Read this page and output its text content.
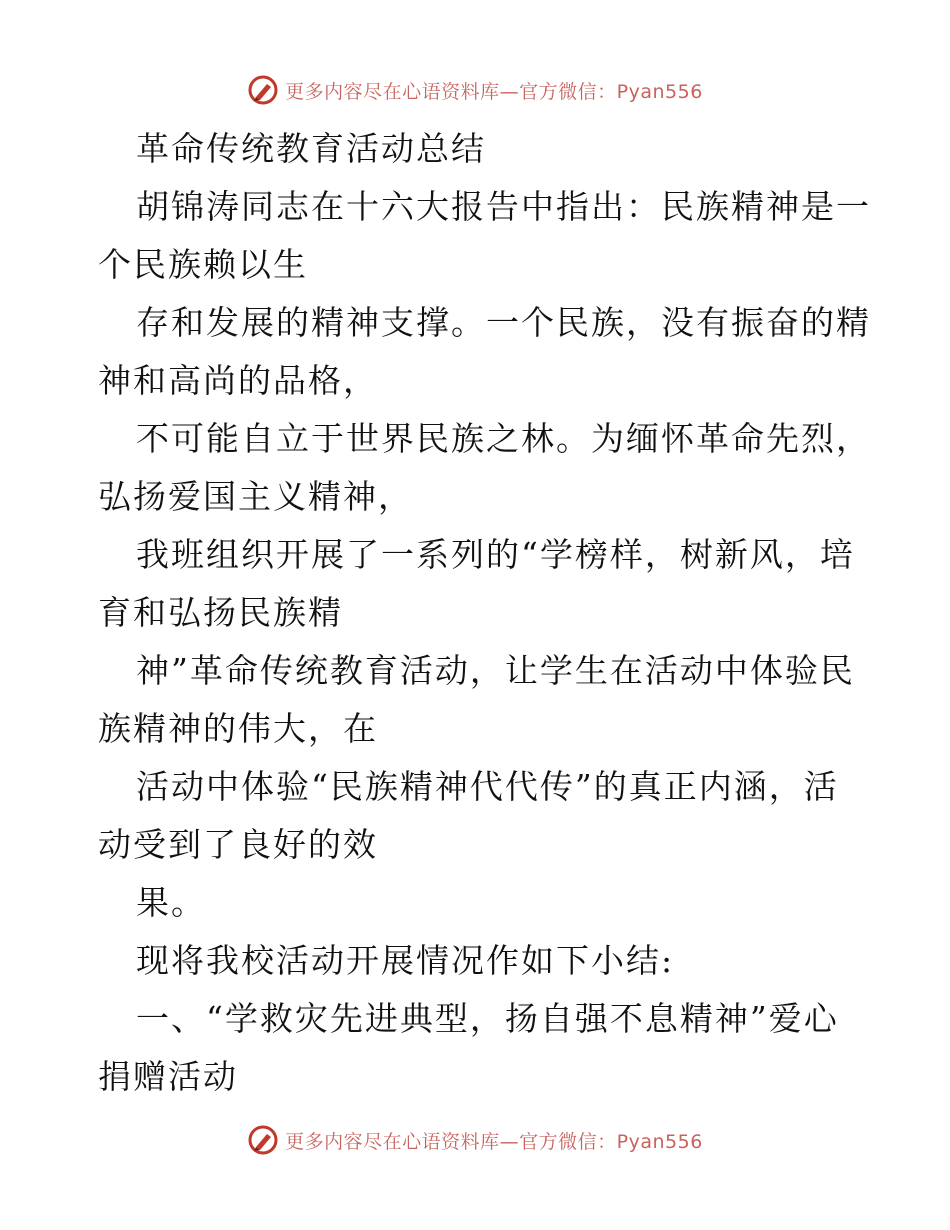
更多内容尽在心语资料库—官方微信：Pyan556
革命传统教育活动总结
胡锦涛同志在十六大报告中指出：民族精神是一
个民族赖以生
存和发展的精神支撑。一个民族，没有振奋的精
神和高尚的品格，
不可能自立于世界民族之林。为缅怀革命先烈，
弘扬爱国主义精神，
我班组织开展了一系列的“学榜样，树新风，培
育和弘扬民族精
神”革命传统教育活动，让学生在活动中体验民
族精神的伟大，在
活动中体验“民族精神代代传”的真正内涵，活
动受到了良好的效
果。
现将我校活动开展情况作如下小结:
一、“学救灾先进典型，扬自强不息精神”爱心
捐赠活动
更多内容尽在心语资料库—官方微信：Pyan556
